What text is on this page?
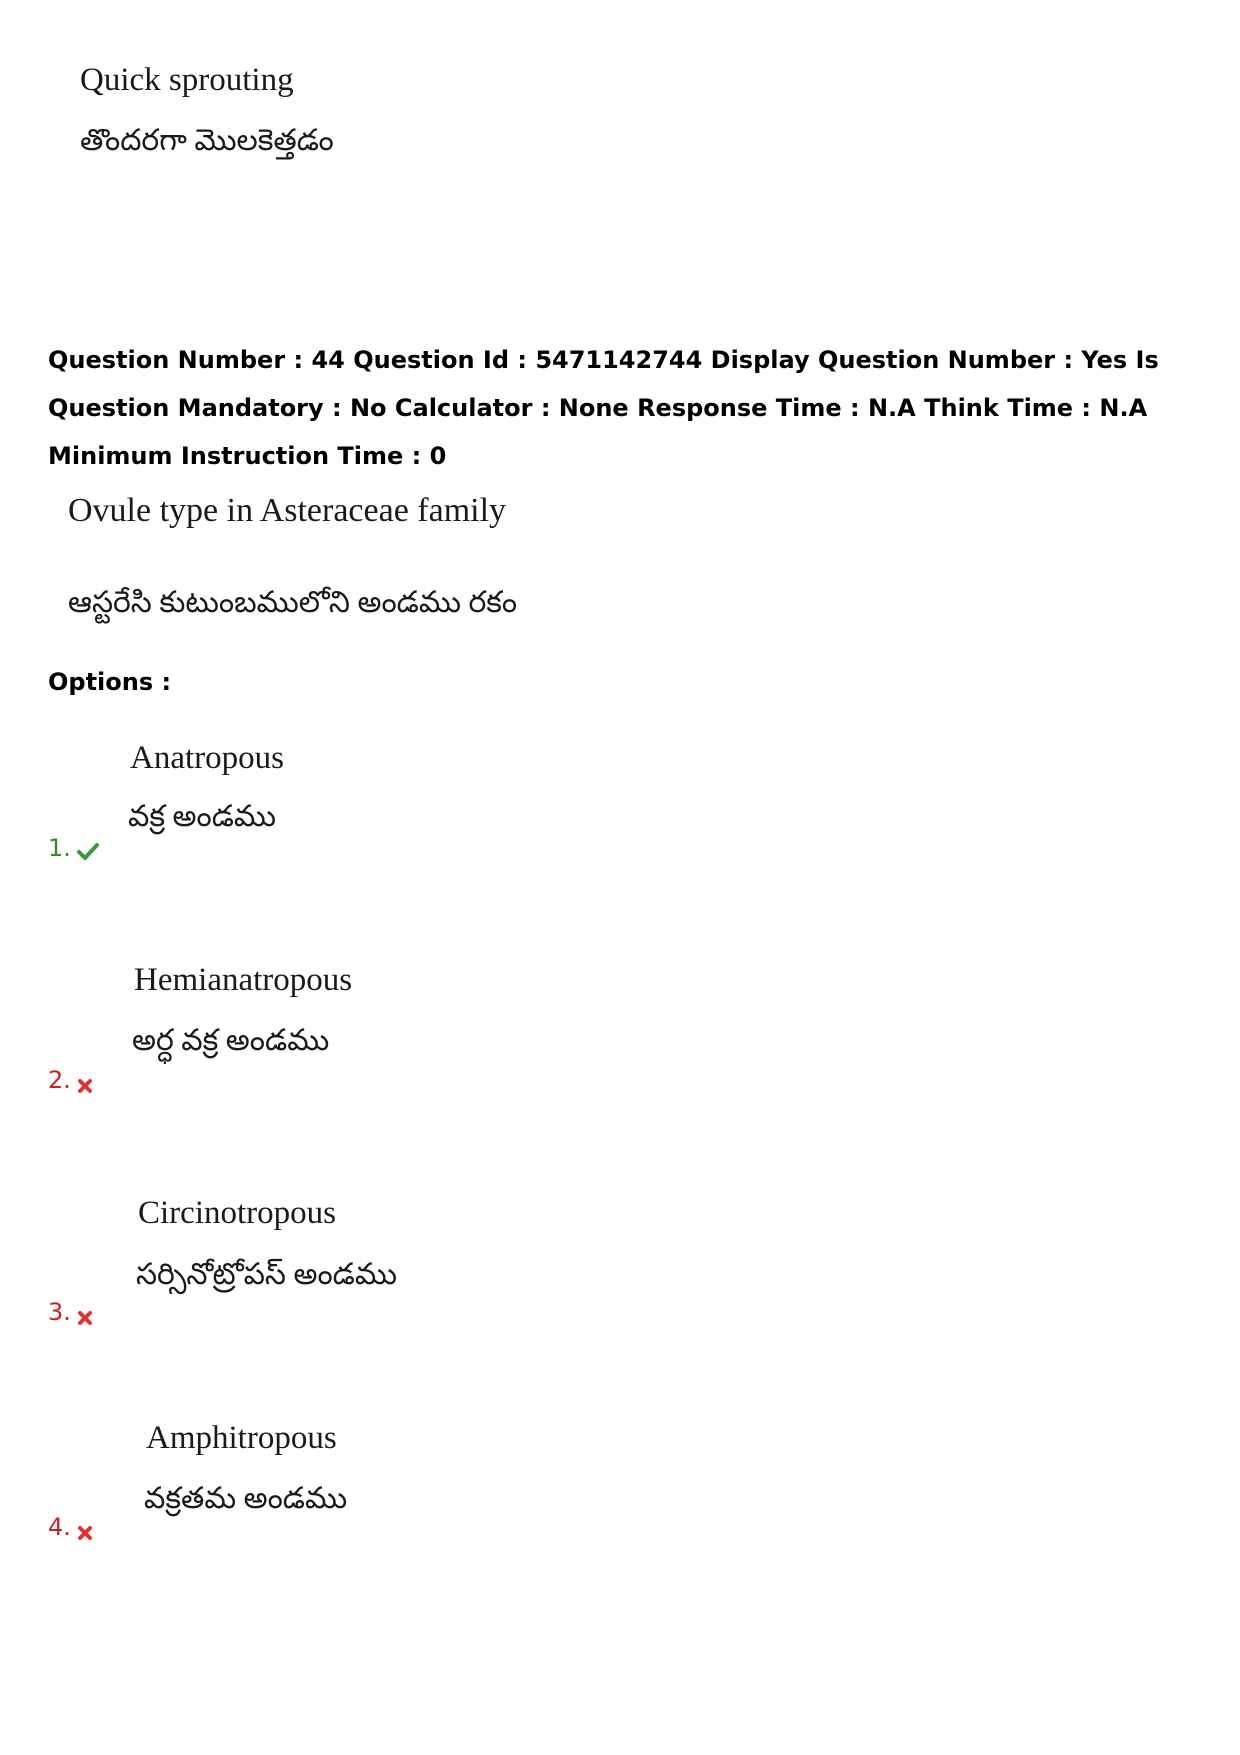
Quick sprouting
తొందరగా మొలకెత్తడం
Question Number : 44 Question Id : 5471142744 Display Question Number : Yes Is Question Mandatory : No Calculator : None Response Time : N.A Think Time : N.A Minimum Instruction Time : 0
Ovule type in Asteraceae family
ఆస్టరేసి కుటుంబములోని అండము రకం
Options :
Anatropous
వక్ర అండము
1.
Hemianatropous
అర్ధ వక్ర అండము
2.
Circinotropous
సర్సినోట్రోపస్ అండము
3.
Amphitropous
వక్రతమ అండము
4.
